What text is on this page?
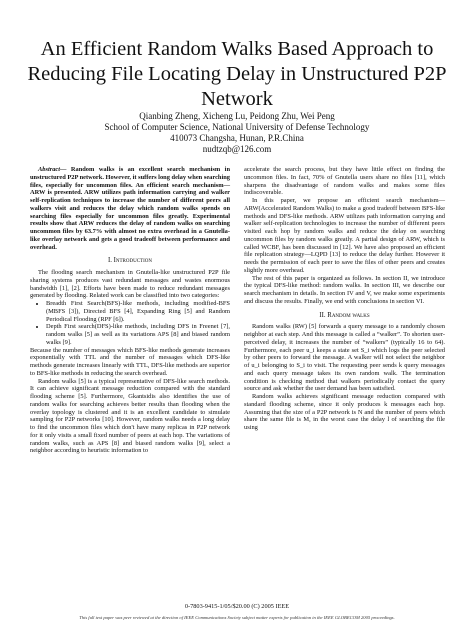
An Efficient Random Walks Based Approach to Reducing File Locating Delay in Unstructured P2P Network
Qianbing Zheng, Xicheng Lu, Peidong Zhu, Wei Peng
School of Computer Science, National University of Defense Technology
410073 Changsha, Hunan, P.R.China
nudtzqb@126.com

Abstract— Random walks is an excellent search mechanism in unstructured P2P network. However, it suffers long delay when searching files, especially for uncommon files. An efficient search mechanism—ARW is presented. ARW utilizes path information carrying and walker self-replication techniques to increase the number of different peers all walkers visit and reduces the delay which random walks spends on searching files especially for uncommon files greatly. Experimental results show that ARW reduces the delay of random walks on searching uncommon files by 63.7% with almost no extra overhead in a Gnutella-like overlay network and gets a good tradeoff between performance and overhead.

I. Introduction

The flooding search mechanism in Gnutella-like unstructured P2P file sharing systems produces vast redundant messages and wastes enormous bandwidth [1], [2]. Efforts have been made to reduce redundant messages generated by flooding. Related work can be classified into two categories:

• Breadth First Search(BFS)-like methods, including modified-BFS (MBFS [3]), Directed BFS [4], Expanding Ring [5] and Random Periodical Flooding (RPF [6]).
• Depth First search(DFS)-like methods, including DFS in Freenet [7], random walks [5] as well as its variations APS [8] and biased random walks [9].

Because the number of messages which BFS-like methods generate increases exponentially with TTL and the number of messages which DFS-like methods generate increases linearly with TTL, DFS-like methods are superior to BFS-like methods in reducing the search overhead.

Random walks [5] is a typical representative of DFS-like search methods. It can achieve significant message reduction compared with the standard flooding scheme [5]. Furthermore, Gkantsidis also identifies the use of random walks for searching achieves better results than flooding when the overlay topology is clustered and it is an excellent candidate to simulate sampling for P2P networks [10]. However, random walks needs a long delay to find the uncommon files which don't have many replicas in P2P network for it only visits a small fixed number of peers at each hop. The variations of random walks, such as APS [8] and biased random walks [9], select a neighbor according to heuristic information to

accelerate the search process, but they have little effect on finding the uncommon files. In fact, 70% of Gnutella users share no files [11], which sharpens the disadvantage of random walks and makes some files indiscoverable.

In this paper, we propose an efficient search mechanism—ARW(Accelerated Random Walks) to make a good tradeoff between BFS-like methods and DFS-like methods. ARW utilizes path information carrying and walker self-replication technologies to increase the number of different peers visited each hop by random walks and reduce the delay on searching uncommon files by random walks greatly. A partial design of ARW, which is called WCBF, has been discussed in [12]. We have also proposed an efficient file replication strategy—LQPD [13] to reduce the delay further. However it needs the permission of each peer to save the files of other peers and creates slightly more overhead.

The rest of this paper is organized as follows. In section II, we introduce the typical DFS-like method: random walks. In section III, we describe our search mechanism in details. In section IV and V, we make some experiments and discuss the results. Finally, we end with conclusions in section VI.

II. Random walks

Random walks (RW) [5] forwards a query message to a randomly chosen neighbor at each step. And this message is called a “walker”. To shorten user-perceived delay, it increases the number of “walkers” (typically 16 to 64). Furthermore, each peer u_i keeps a state set S_i which logs the peer selected by other peers to forward the message. A walker will not select the neighbor of u_i belonging to S_i to visit. The requesting peer sends k query messages and each query message takes its own random walk. The termination condition is checking method that walkers periodically contact the query source and ask whether the user demand has been satisfied.

Random walks achieves significant message reduction compared with standard flooding scheme, since it only produces k messages each hop. Assuming that the size of a P2P network is N and the number of peers which share the same file is M, in the worst case the delay l of searching the file using

0-7803-9415-1/05/$20.00 (C) 2005 IEEE
This full text paper was peer reviewed at the direction of IEEE Communications Society subject matter experts for publication in the IEEE GLOBECOM 2005 proceedings.
